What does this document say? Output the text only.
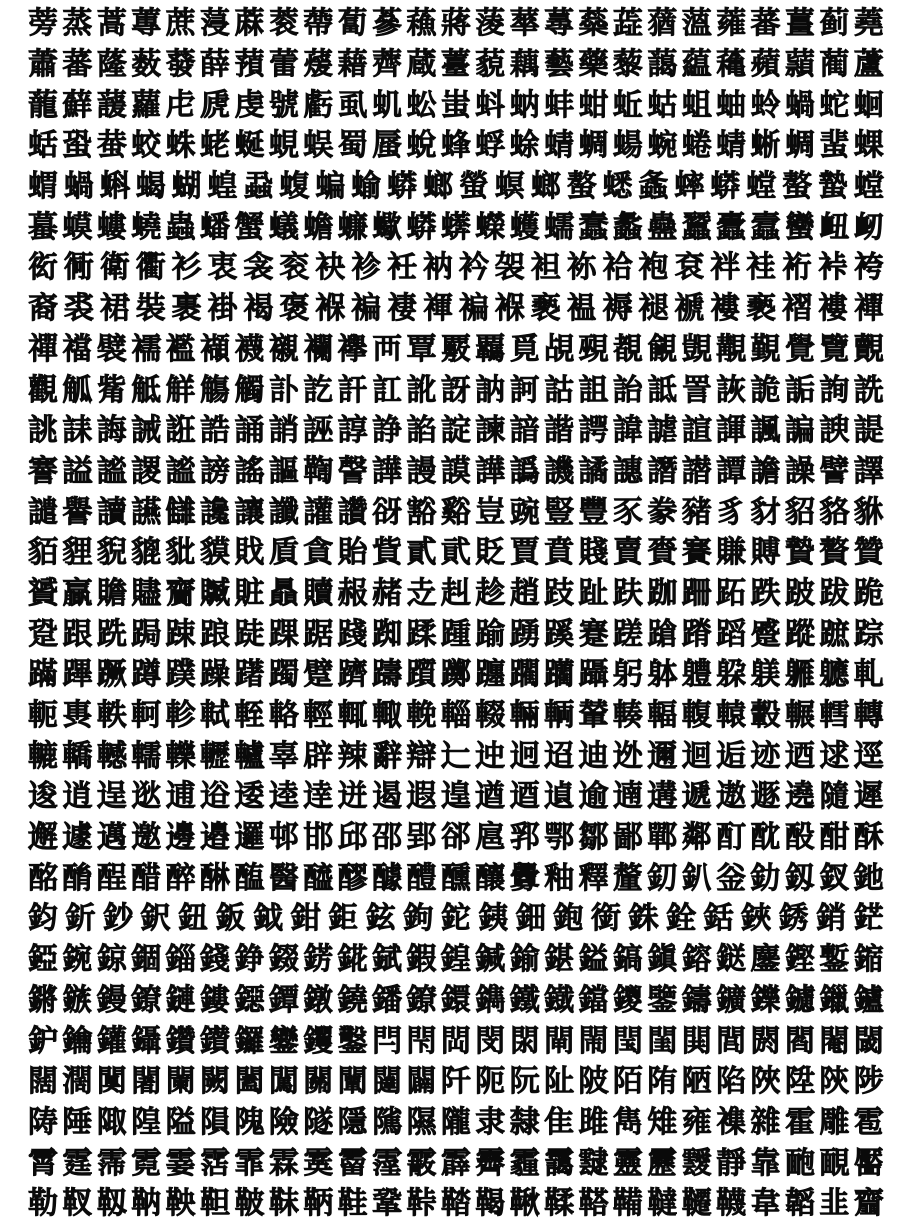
蒡 蒸 蒿 蓴 蔗 蓡 蔴 蓘 蔕 蔔 蔘 蘓 蔣 蔆 蕐 蕁 蘂 蕋 蕕 薀 蕹 蕃 薑 蓟 蕘
蕭 蕃 蕯 薮 蕟 薛 蕷 蕾 蕿 藉 薺 蔵 薹 藐 藕 藝 藥 藜 藹 藴 蘒 蘋 蘏 蔺 蘆
蘢 蘚 蘐 蘿 虍 虒 虔 號 虧 虱 虮 蚣 蚩 蚪 蚋 蚌 蚶 蚯 蛄 蛆 蚰 蛉 蝸 蛇 蛔
蛞 蛩 蛬 蛟 蛛 蛯 蜒 蜆 蜈 蜀 蜃 蛻 蜂 蜉 蜍 蜻 蜩 蝪 蜿 蜷 蜻 蜥 蜩 蜚 蜾
蝟 蝸 蝌 蝎 蝴 蝗 蝨 蝮 蝙 蝓 蟒 螂 螢 螟 螂 螯 蟋 螽 蟀 蟒 螳 螯 蟄 螳
蟇 蟆 螻 蟯 蟲 蟠 蟹 蟻 蟾 蠊 蠍 蟒 蠎 蠑 蠖 蠕 蠢 蠡 蠱 蠶 蠹 蠧 蠻 衄 衂
衒 衕 衛 衢 衫 衷 衾 衮 袂 袗 衽 衲 衿 袈 袒 袮 袷 袍 袞 袢 袿 裄 裃 袴
裔 裘 裙 裝 裹 褂 褐 褒 褓 褊 褄 褌 褊 褓 褻 褞 褥 褪 褫 褸 褻 褶 褸 襌
禪 襠 襞 襦 襤 襭 襪 襯 襴 襷 襾 覃 覈 覊 覓 覘 覡 覩 覦 覬 覯 覲 覺 覽 覿
觀 觚 觜 觝 觧 觴 觸 訃 訖 訐 訌 訛 訝 訥 訶 詁 詛 詒 詆 詈 詼 詭 詬 詢 詵
誂 誄 誨 誡 誑 誥 誦 誚 誣 諄 諍 諂 諚 諫 諳 諧 諤 諱 謔 諠 諢 諷 諞 諛 諟
謇 謚 謐 謖 謐 謗 謠 謳 鞫 謦 譁 謾 謨 譁 譌 譏 譎 譓 譖 譛 譚 譫 譟 譬 譯
譴 譽 讀 讌 讎 讒 讓 讖 讙 讚 谺 豁 谿 豈 豌 豎 豐 豕 豢 豬 豸 豺 貂 貉 貅
貊 貍 貎 貔 豼 貘 戝 貭 貪 貽 貲 貳 貮 貶 賈 賁 賤 賣 賚 賽 賺 賻 贄 贅 贊
贇 贏 贍 贐 齎 贓 賍 贔 贖 赧 赭 赱 赳 趁 趙 跂 趾 趺 跏 跚 跖 跌 跛 跋 跪
跫 跟 跣 跼 踈 踉 跿 踝 踞 踐 踟 蹂 踵 踰 踴 蹊 蹇 蹉 蹌 蹐 蹈 蹙 蹤 蹠 踪
蹣 蹕 蹶 蹲 蹼 躁 躇 躅 躄 躋 躊 躓 躑 躔 躙 躪 躡 躬 躰 軆 躱 躾 軅 軈 軋
軛 軣 軼 軻 軫 軾 輊 輅 輕 輒 輙 輓 輜 輟 輛 輌 輦 輳 輻 輹 轅 轂 輾 轌 轉
轆 轎 轗 轜 轢 轣 轤 辜 辟 辣 辭 辯 辷 迚 迥 迢 迪 迯 邇 迴 逅 迹 迺 逑 逕
逡 逍 逞 逖 逋 逧 逶 逵 逹 迸 遏 遐 遑 遒 逎 遉 逾 遖 遘 遞 遨 遯 遶 隨 遲
邂 遽 邁 邀 邊 邉 邏 邨 邯 邱 邵 郢 郤 扈 郛 鄂 鄒 鄙 鄲 鄰 酊 酖 酘 酣 酥
酩 酳 酲 醋 醉 醂 醢 醫 醯 醪 醵 醴 醺 釀 釁 釉 釋 釐 釖 釟 釡 釛 釼 釵 釶
鈞 釿 鈔 鈬 鈕 鈑 鉞 鉗 鉅 鉉 鉤 鉈 銕 鈿 鉋 銜 銖 銓 銛 鋏 銹 銷 鋩
錏 鋺 鍄 錮 錙 錢 錚 錣 錺 錵 錻 鍜 鍠 鍼 鍮 鍖 鎰 鎬 鎭 鎔 鎹 鏖 鏗 鏨 鏥
鏘 鏃 鏝 鐐 鏈 鏤 鐚 鐔 鐓 鐃 鐇 鐐 鐶 鐫 鐵 鐡 鐺 鑁 鑒 鑄 鑛 鑠 鑢 鑞 鑪
鈩 鑰 鑵 鑷 鑽 鑚 鑼 鑾 钁 鑿 閂 閇 閊 閔 閖 閘 閙 閠 閨 閧 閭 閼 閻 閹 閾
闊 濶 闃 闍 闌 闕 闔 闖 關 闡 闥 闢 阡 阨 阮 阯 陂 陌 陏 陋 陷 陜 陞 陝 陟
陦 陲 陬 隍 隘 隕 隗 險 隧 隱 隲 隰 隴 隶 隸 隹 雎 雋 雉 雍 襍 雜 霍 雕 雹
霄 霆 霈 霓 霎 霑 霏 霖 霙 霤 霪 霰 霹 霽 霾 靄 靆 靈 靂 靉 靜 靠 靤 靦 靨
勒 靫 靱 靹 鞅 靼 鞁 靺 鞆 鞋 鞏 鞐 鞜 鞨 鞦 鞣 鞳 鞴 韃 韆 韈 韋 韜 韭 齏
